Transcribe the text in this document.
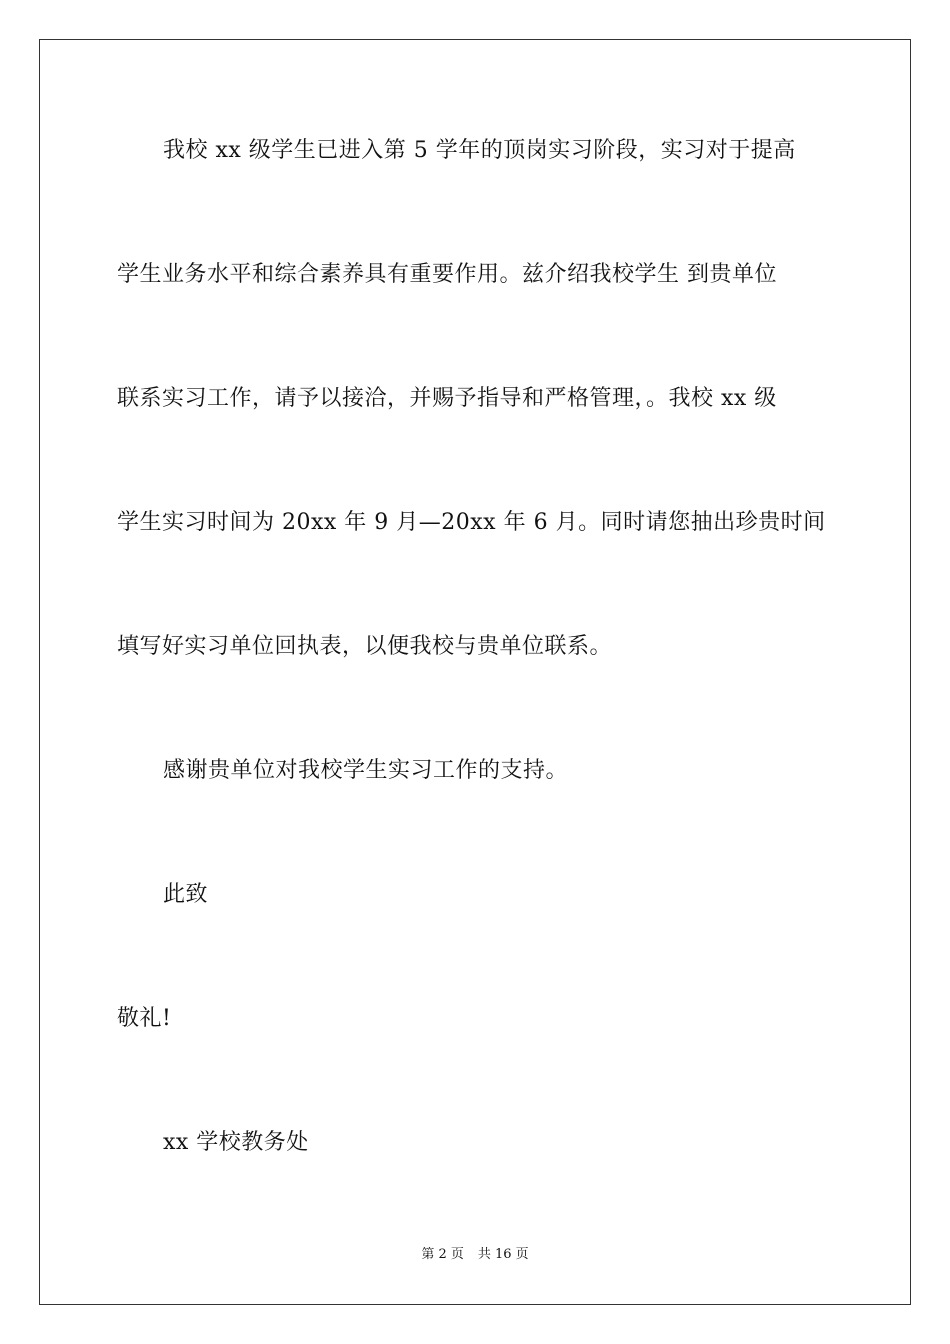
我校 xx 级学生已进入第 5 学年的顶岗实习阶段，实习对于提高
学生业务水平和综合素养具有重要作用。兹介绍我校学生 到贵单位
联系实习工作，请予以接洽，并赐予指导和严格管理，。我校 xx 级
学生实习时间为 20xx 年 9 月—20xx 年 6 月。同时请您抽出珍贵时间
填写好实习单位回执表，以便我校与贵单位联系。
感谢贵单位对我校学生实习工作的支持。
此致
敬礼!
xx 学校教务处
第 2 页 共 16 页
